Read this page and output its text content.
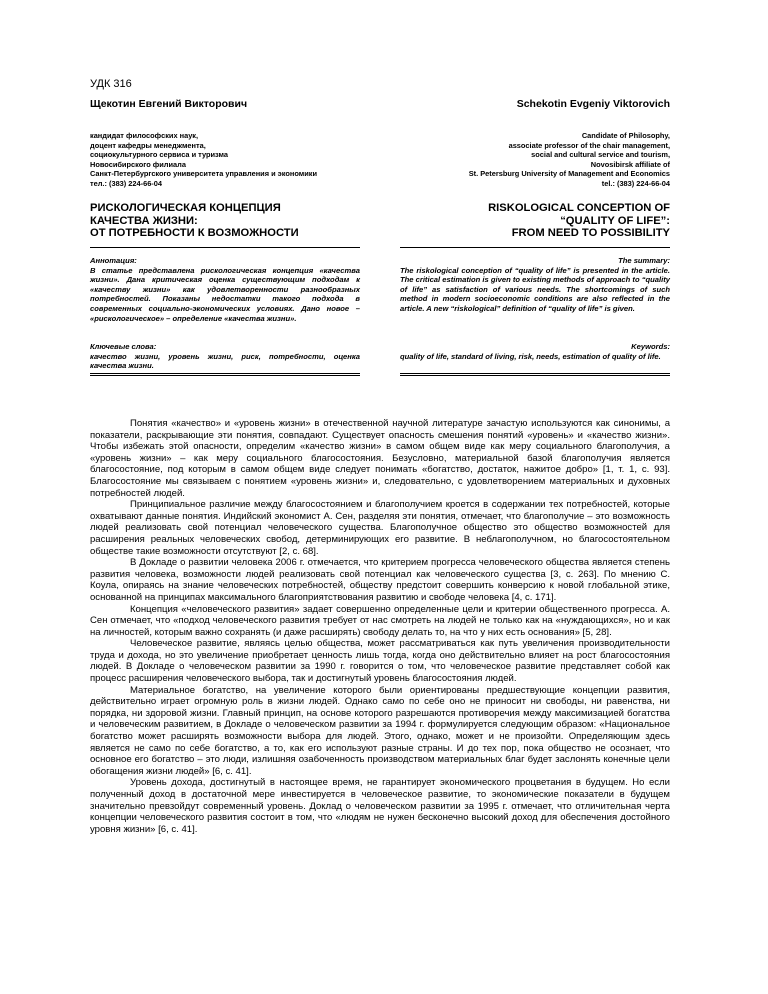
УДК 316
Щекотин Евгений Викторович	Schekotin Evgeniy Viktorovich
кандидат философских наук,
доцент кафедры менеджмента,
социокультурного сервиса и туризма
Новосибирского филиала
Санкт-Петербургского университета управления и экономики
тел.: (383) 224-66-04
Candidate of Philosophy,
associate professor of the chair management,
social and cultural service and tourism,
Novosibirsk affiliate of
St. Petersburg University of Management and Economics
tel.: (383) 224-66-04
РИСКОЛОГИЧЕСКАЯ КОНЦЕПЦИЯ
КАЧЕСТВА ЖИЗНИ:
ОТ ПОТРЕБНОСТИ К ВОЗМОЖНОСТИ
RISKOLOGICAL CONCEPTION OF
“QUALITY OF LIFE”:
FROM NEED TO POSSIBILITY
Аннотация:
В статье представлена рискологическая концепция «качества жизни». Дана критическая оценка существующим подходам к «качеству жизни» как удовлетворенности разнообразных потребностей. Показаны недостатки такого подхода в современных социально-экономических условиях. Дано новое – «рискологическое» – определение «качества жизни».
The summary:
The riskological conception of “quality of life” is presented in the article. The critical estimation is given to existing methods of approach to “quality of life” as satisfaction of various needs. The shortcomings of such method in modern socioeconomic conditions are also reflected in the article. A new “riskological” definition of “quality of life” is given.
Ключевые слова:
качество жизни, уровень жизни, риск, потребности, оценка качества жизни.
Keywords:
quality of life, standard of living, risk, needs, estimation of quality of life.

Понятия «качество» и «уровень жизни» в отечественной научной литературе зачастую используются как синонимы, а показатели, раскрывающие эти понятия, совпадают. Существует опасность смешения понятий «уровень» и «качество жизни». Чтобы избежать этой опасности, определим «качество жизни» в самом общем виде как меру социального благополучия, а «уровень жизни» – как меру социального благосостояния. Безусловно, материальной базой благополучия является благосостояние, под которым в самом общем виде следует понимать «богатство, достаток, нажитое добро» [1, т. 1, с. 93]. Благосостояние мы связываем с понятием «уровень жизни» и, следовательно, с удовлетворением материальных и духовных потребностей людей.

Принципиальное различие между благосостоянием и благополучием кроется в содержании тех потребностей, которые охватывают данные понятия. Индийский экономист А. Сен, разделяя эти понятия, отмечает, что благополучие – это возможность людей реализовать свой потенциал человеческого существа. Благополучное общество это общество возможностей для расширения реальных человеческих свобод, детерминирующих его развитие. В неблагополучном, но благосостоятельном обществе такие возможности отсутствуют [2, с. 68].

В Докладе о развитии человека 2006 г. отмечается, что критерием прогресса человеческого общества является степень развития человека, возможности людей реализовать свой потенциал как человеческого существа [3, с. 263]. По мнению С. Коула, опираясь на знание человеческих потребностей, обществу предстоит совершить конверсию к новой глобальной этике, основанной на принципах максимального благоприятствования развитию и свободе человека [4, с. 171].

Концепция «человеческого развития» задает совершенно определенные цели и критерии общественного прогресса. А. Сен отмечает, что «подход человеческого развития требует от нас смотреть на людей не только как на «нуждающихся», но и как на личностей, которым важно сохранять (и даже расширять) свободу делать то, на что у них есть основания» [5, 28].

Человеческое развитие, являясь целью общества, может рассматриваться как путь увеличения производительности труда и дохода, но это увеличение приобретает ценность лишь тогда, когда оно действительно влияет на рост благосостояния людей. В Докладе о человеческом развитии за 1990 г. говорится о том, что человеческое развитие представляет собой как процесс расширения человеческого выбора, так и достигнутый уровень благосостояния людей.

Материальное богатство, на увеличение которого были ориентированы предшествующие концепции развития, действительно играет огромную роль в жизни людей. Однако само по себе оно не приносит ни свободы, ни равенства, ни порядка, ни здоровой жизни. Главный принцип, на основе которого разрешаются противоречия между максимизацией богатства и человеческим развитием, в Докладе о человеческом развитии за 1994 г. формулируется следующим образом: «Национальное богатство может расширять возможности выбора для людей. Этого, однако, может и не произойти. Определяющим здесь является не само по себе богатство, а то, как его используют разные страны. И до тех пор, пока общество не осознает, что основное его богатство – это люди, излишняя озабоченность производством материальных благ будет заслонять конечные цели обогащения жизни людей» [6, с. 41].

Уровень дохода, достигнутый в настоящее время, не гарантирует экономического процветания в будущем. Но если полученный доход в достаточной мере инвестируется в человеческое развитие, то экономические показатели в будущем значительно превзойдут современный уровень. Доклад о человеческом развитии за 1995 г. отмечает, что отличительная черта концепции человеческого развития состоит в том, что «людям не нужен бесконечно высокий доход для обеспечения достойного уровня жизни» [6, с. 41].
